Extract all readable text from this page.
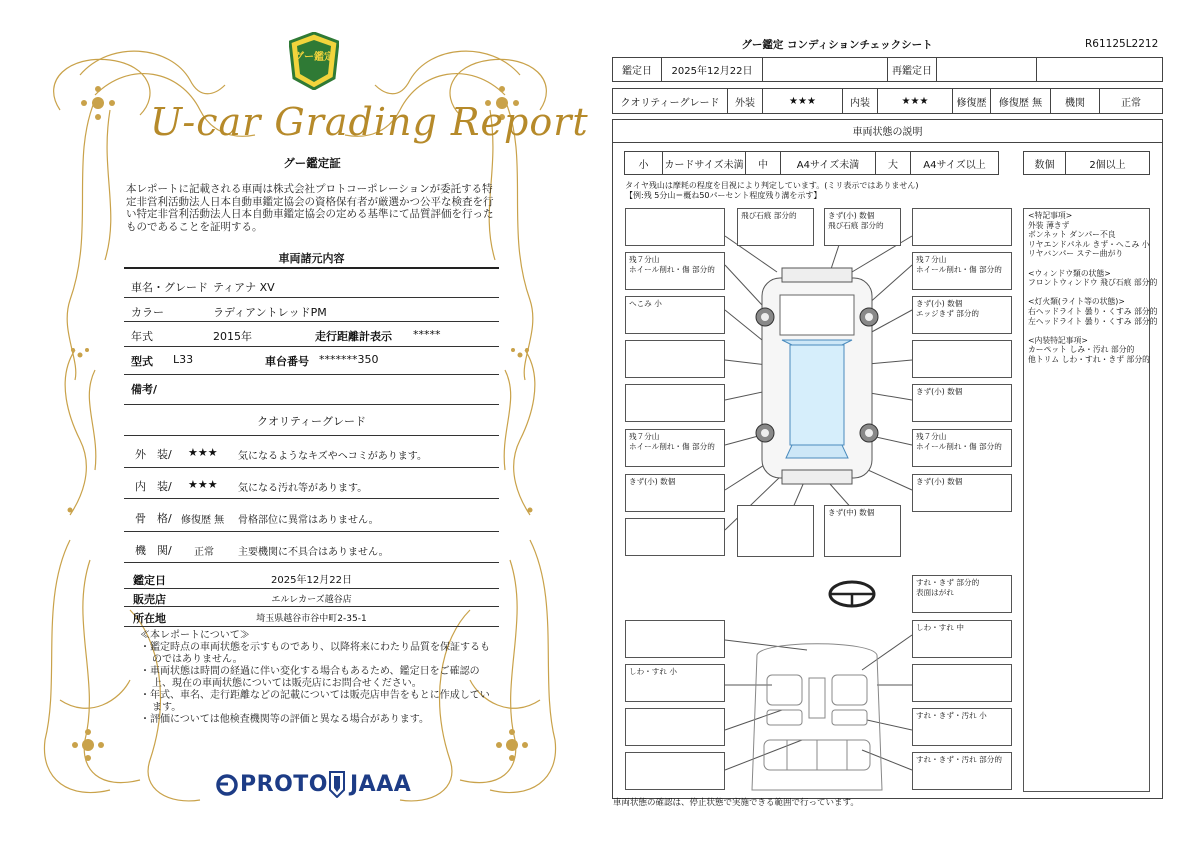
グー鑑定
U-car Grading Report
グー鑑定証
本レポートに記載される車両は株式会社プロトコーポレーションが委託する特定非営利活動法人日本自動車鑑定協会の資格保有者が厳選かつ公平な検査を行い特定非営利活動法人日本自動車鑑定協会の定める基準にて品質評価を行ったものであることを証明する。
車両諸元内容
車名・グレード ティアナ XV
カラー	ラディアントレッドPM
年式	2015年	走行距離計表示 *****
型式 L33	車台番号 *******350
備考/
クオリティーグレード
外　装/ ★★★ 気になるようなキズやヘコミがあります。
内　装/ ★★★ 気になる汚れ等があります。
骨　格/ 修復歴 無 骨格部位に異常はありません。
機　関/ 正常 主要機関に不具合はありません。
鑑定日	2025年12月22日
販売店	エルレカーズ越谷店
所在地	埼玉県越谷市谷中町2-35-1
≪本レポートについて≫
・鑑定時点の車両状態を示すものであり、以降将来にわたり品質を保証するものではありません。
・車両状態は時間の経過に伴い変化する場合もあるため、鑑定日をご確認の上、現在の車両状態については販売店にお問合せください。
・年式、車名、走行距離などの記載については販売店申告をもとに作成しています。
・評価については他検査機関等の評価と異なる場合があります。
PROTO JAAA
グー鑑定 コンディションチェックシート	R61125L2212
鑑定日	2025年12月22日	再鑑定日
クオリティーグレード	外装	★★★	内装	★★★	修復歴	修復歴 無	機関	正常
車両状態の説明
小	カードサイズ未満	中	A4サイズ未満	大	A4サイズ以上	数個	2個以上
タイヤ残山は摩耗の程度を目視により判定しています。(ミリ表示ではありません)
【例:残 5分山＝概ね50パーセント程度残り溝を示す】
飛び石痕 部分的	きず(小) 数個
飛び石痕 部分的
残７分山
ホイール削れ・傷 部分的
残７分山
ホイール削れ・傷 部分的
へこみ 小	きず(小) 数個
エッジきず 部分的
きず(小) 数個
残７分山
ホイール削れ・傷 部分的
残７分山
ホイール削れ・傷 部分的
きず(小) 数個	きず(小) 数個
きず(中) 数個
すれ・きず 部分的
表面はがれ
しわ・すれ 中
しわ・すれ 小
すれ・きず・汚れ 小
すれ・きず・汚れ 部分的
<特記事項>
外装 薄きず
ボンネット ダンパー不良
リヤエンドパネル きず・へこみ 小
リヤバンパー ステー曲がり
<ウィンドウ類の状態>
フロントウィンドウ 飛び石痕 部分的
<灯火類(ライト等の状態)>
右ヘッドライト 曇り・くすみ 部分的
左ヘッドライト 曇り・くすみ 部分的
<内装特記事項>
カーペット しみ・汚れ 部分的
他トリム しわ・すれ・きず 部分的
車両状態の確認は、停止状態で実施できる範囲で行っています。
